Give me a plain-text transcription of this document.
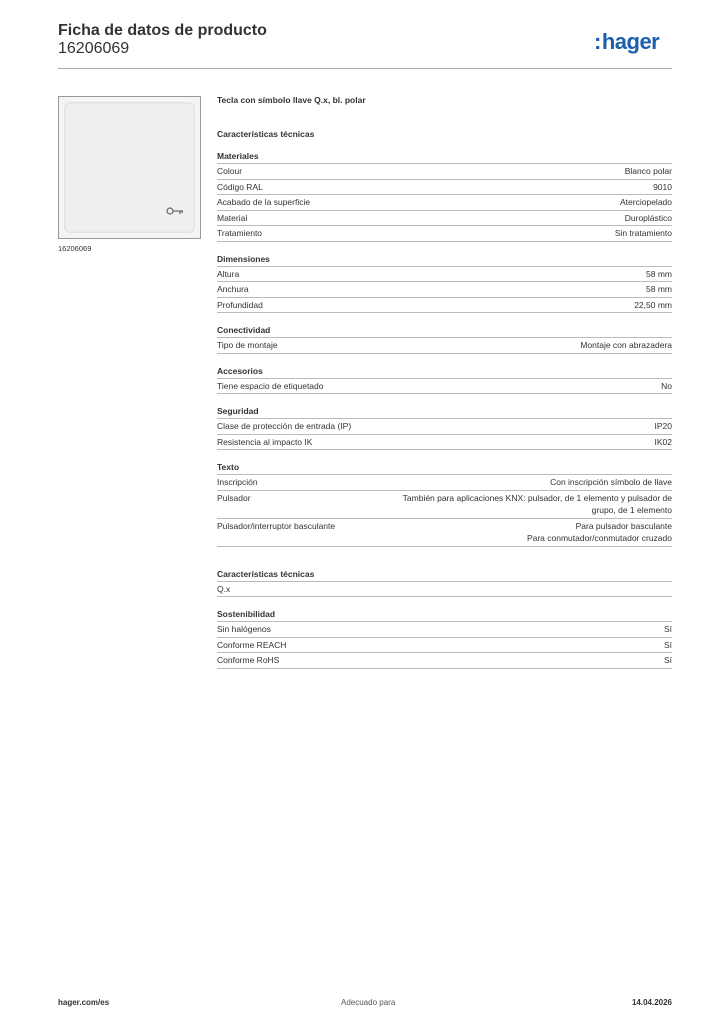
Ficha de datos de producto
16206069	:hager
16206069
Tecla con símbolo llave Q.x, bl. polar
Características técnicas
Materiales
Colour	Blanco polar
Código RAL	9010
Acabado de la superficie	Aterciopelado
Material	Duroplástico
Tratamiento	Sin tratamiento
Dimensiones
Altura	58 mm
Anchura	58 mm
Profundidad	22,50 mm
Conectividad
Tipo de montaje	Montaje con abrazadera
Accesorios
Tiene espacio de etiquetado	No
Seguridad
Clase de protección de entrada (IP)	IP20
Resistencia al impacto IK	IK02
Texto
Inscripción	Con inscripción símbolo de llave
Pulsador	También para aplicaciones KNX: pulsador, de 1 elemento y pulsador de
grupo, de 1 elemento
Pulsador/interruptor basculante	Para pulsador basculante
Para conmutador/conmutador cruzado
Características técnicas
Q.x
Sostenibilidad
Sin halógenos	Sí
Conforme REACH	Sí
Conforme RoHS	Sí
hager.com/es	Adecuado para	14.04.2026
